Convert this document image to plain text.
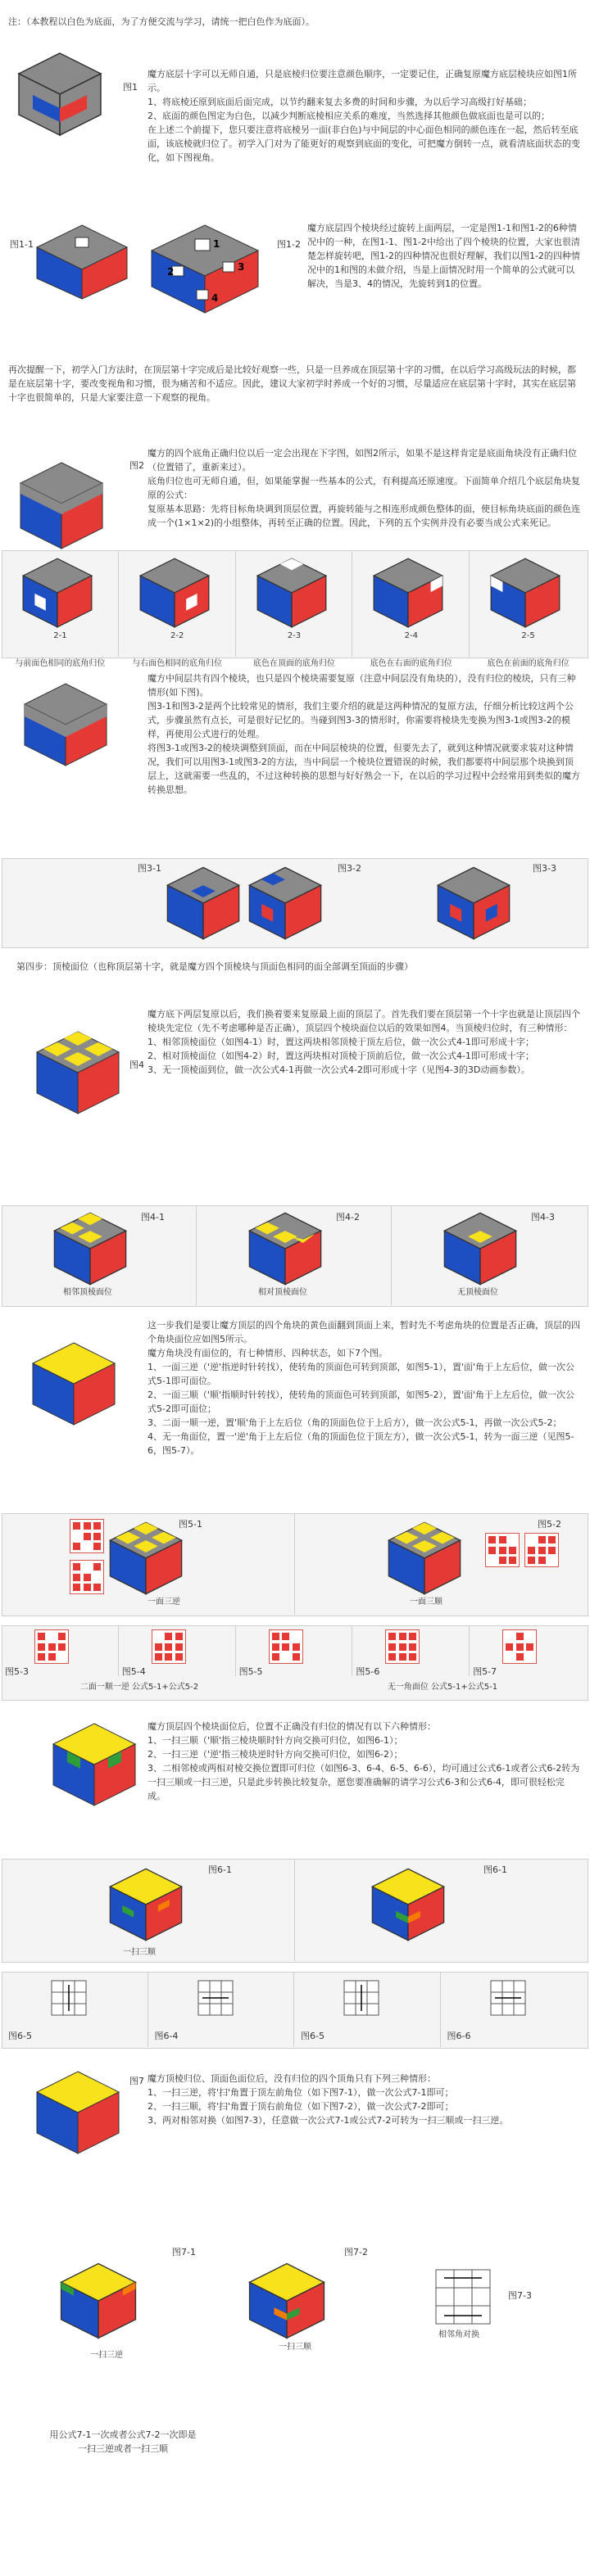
注：（本教程以白色为底面，为了方便交流与学习，请统一把白色作为底面）。
图1

魔方底层十字可以无师自通，只是底棱归位要注意颜色顺序，一定要记住，正确复原魔方底层棱块应如图1所示。

1、将底棱还原到底面后面完成，以节约翻来复去多费的时间和步骤，为以后学习高级打好基础；

2、底面的颜色图定为白色，以减少判断底棱相应关系的难度，当然选择其他颜色做底面也是可以的；

在上述二个前提下，您只要注意将底棱另一面(非白色)与中间层的中心面色相同的颜色连在一起，然后转至底面，该底棱就归位了。初学入门对为了能更好的观察到底面的变化，可把魔方倒转一点，就看清底面状态的变化，如下图视角。

图1-1	1
2	3
4
图1-2
魔方底层四个棱块经过旋转上面两层，一定是图1-1和图1-2的6种情况中的一种，在图1-1、图1-2中给出了四个棱块的位置，大家也很清楚怎样旋转吧，图1-2的四种情况也很好理解，我们以图1-2的四种情况中的1和图的未做介绍，当是上面情况时用一个简单的公式就可以解决，当是3、4的情况，先旋转到1的位置。
再次提醒一下，初学入门方法时，在顶层第十字完成后是比较好观察一些，只是一旦养成在顶层第十字的习惯，在以后学习高级玩法的时候，都是在底层第十字，要改变视角和习惯，很为痛苦和不适应。因此，建议大家初学时养成一个好的习惯，尽量适应在底层第十字时，其实在底层第十字也很简单的，只是大家要注意一下观察的视角。
图2

魔方的四个底角正确归位以后一定会出现在下字图，如图2所示，如果不是这样肯定是底面角块没有正确归位（位置错了，重新来过）。

底角归位也可无师自通，但，如果能掌握一些基本的公式，有利提高还原速度。下面简单介绍几个底层角块复原的公式：

复原基本思路：先将目标角块调到顶层位置，再旋转能与之相连形成颜色整体的面，使目标角块底面的颜色连成一个(1×1×2)的小组整体，再转至正确的位置。因此，下列的五个实例并没有必要当成公式来死记。

魔方中间层共有四个棱块，也只是四个棱块需要复原（注意中间层没有角块的），没有归位的棱块，只有三种情形(如下图)。

图3-1和图3-2是两个比较常见的情形，我们主要介绍的就是这两种情况的复原方法，仔细分析比较这两个公式，步骤虽然有点长，可是很好记忆的。当碰到图3-3的情形时，你需要将棱块先变换为图3-1或图3-2的模样，再使用公式进行的处理。

将图3-1或图3-2的棱块调整到顶面，而在中间层棱块的位置，但要先去了，就到这种情况就要求装对这种情况，我们可以用图3-1或图3-2的方法，当中间层一个棱块位置错误的时候，我们都要将中间层那个块换到顶层上，这就需要一些乱的，不过这种转换的思想与好好熟会一下，在以后的学习过程中会经常用到类似的魔方转换思想。

图3-1	图3-2	图3-3
第四步：顶棱面位（也称顶层第十字，就是魔方四个顶棱块与顶面色相同的面全部调至顶面的步骤）
图4

魔方底下两层复原以后，我们换着要来复原最上面的顶层了。首先我们要在顶层第一个十字也就是让顶层四个棱块先定位（先不考虑哪种是否正确），顶层四个棱块面位以后的效果如图4。当顶棱归位时，有三种情形：

1、相邻顶棱面位（如图4-1）时，置这两块相邻顶棱于顶左后位，做一次公式4-1即可形成十字；

2、相对顶棱面位（如图4-2）时，置这两块相对顶棱于顶前后位，做一次公式4-1即可形成十字；

3、无一顶棱面到位，做一次公式4-1再做一次公式4-2即可形成十字（见图4-3的3D动画参数）。

这一步我们是要让魔方顶层的四个角块的黄色面翻到顶面上来，暂时先不考虑角块的位置是否正确，顶层的四个角块面位应如图5所示。

魔方角块没有面位的，有七种情形、四种状态，如下7个图。

1、一面三逆（'逆'指逆时针转找），使转角的顶面色可转到顶部，如图5-1），置'面'角于上左后位，做一次公式5-1即可面位。

2、一面三顺（'顺'指顺时针转找），使转角的顶面色可转到顶部，如图5-2），置'面'角于上左后位，做一次公式5-2即可面位；

3、二面一顺一逆，置'顺'角于上左后位（角的顶面色位于上后方），做一次公式5-1，再做一次公式5-2；

4、无一角面位，置一'逆'角于上左后位（角的顶面色位于顶左方），做一次公式5-1，转为一面三逆（见图5-6，图5-7）。

图5-1	图5-2
一面三逆	一面三顺

魔方顶层四个棱块面位后，位置不正确没有归位的情况有以下六种情形：

1、一扫三顺（'顺'指三棱块顺时针方向交换可归位，如图6-1）；

2、一扫三逆（'逆'指三棱块逆时针方向交换可归位，如图6-2）；

3、二相邻棱或两相对棱交换位置即可归位（如图6-3、6-4、6-5、6-6），均可通过公式6-1或者公式6-2转为一扫三顺或一扫三逆，只是此步转换比较复杂，愿您要准确解的请学习公式6-3和公式6-4，即可很轻松完成。

图6-1	图6-1
一扫三顺
图7 魔方顶棱归位、顶面色面位后，没有归位的四个顶角只有下列三种情形：

1、一扫三逆，将'扫'角置于顶左前角位（如下图7-1），做一次公式7-1即可；

2、一扫三顺，将'扫'角置于顶右前角位（如下图7-2），做一次公式7-2即可；

3、两对相邻对换（如图7-3），任意做一次公式7-1或公式7-2可转为一扫三顺或一扫三逆。

图7-1	图7-2
图7-3
一扫三逆
一扫三顺
相邻角对换
用公式7-1一次或者公式7-2一次即是一扫三逆或者一扫三顺
2-1
与前面色相同的底角归位
2-2
与右面色相同的底角归位
2-3
底色在顶面的底角归位
2-4
底色在右面的底角归位
2-5
底色在前面的底角归位
图4-1
相邻顶棱面位
图4-2
相对顶棱面位
图4-3
无顶棱面位
图5-3	图5-4	图5-5	图5-6	图5-7
二面一顺一逆 公式5-1+公式5-2	无一角面位 公式5-1+公式5-1
图6-5	图6-4	图6-5	图6-6
